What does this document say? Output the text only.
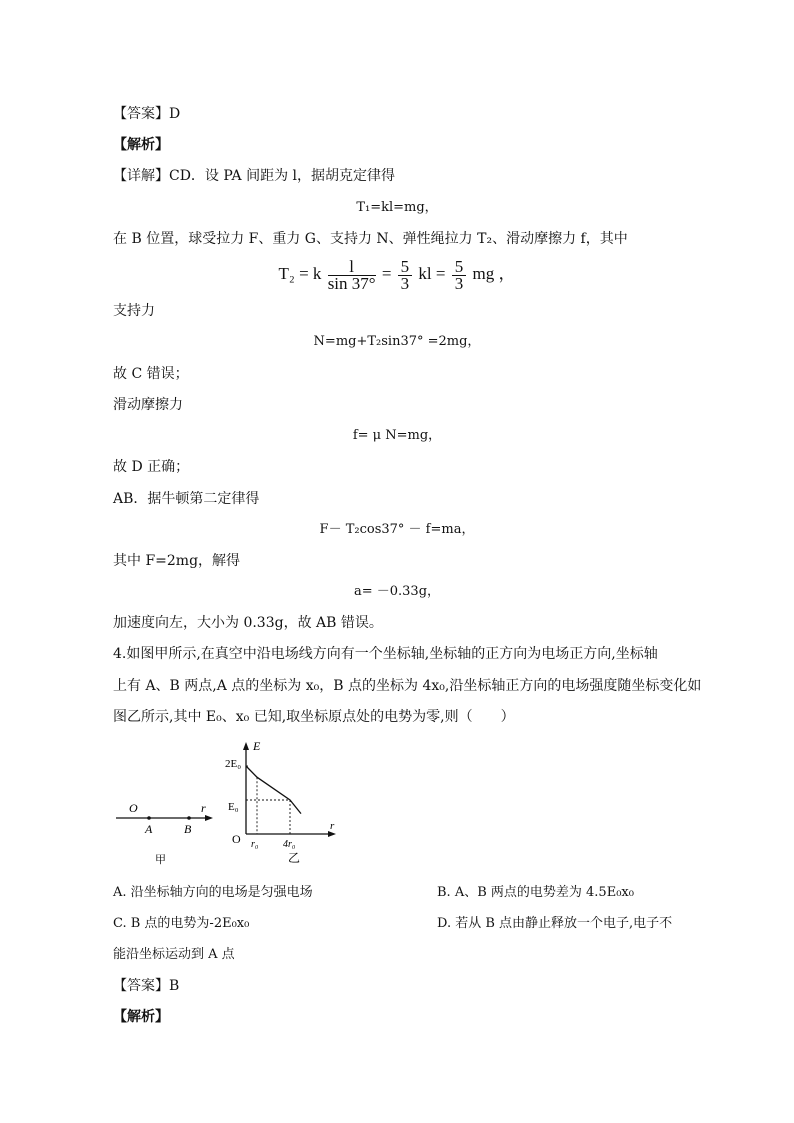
【答案】D
【解析】
【详解】CD．设 PA 间距为 l，据胡克定律得
T₁=kl=mg，
在 B 位置，球受拉力 F、重力 G、支持力 N、弹性绳拉力 T₂、滑动摩擦力 f，其中
T₂ = k $\frac{l}{\sin 37^\circ} = \frac{5}{3}$ kl = $\frac{5}{3}$ mg ，
支持力
N=mg+T₂sin37° =2mg，
故 C 错误；
滑动摩擦力
f= μ N=mg，
故 D 正确；
AB．据牛顿第二定律得
F－ T₂cos37° － f=ma，
其中 F=2mg，解得
a= －0.33g，
加速度向左，大小为 0.33g，故 AB 错误。
4.如图甲所示,在真空中沿电场线方向有一个坐标轴,坐标轴的正方向为电场正方向,坐标轴
上有 A、B 两点,A 点的坐标为 x₀，B 点的坐标为 4x₀,沿坐标轴正方向的电场强度随坐标变化如
图乙所示,其中 E₀、x₀ 已知,取坐标原点处的电势为零,则（　　）
O	r
A	B
甲
E
r
O
2E₀
E₀
r₀ 4r₀
乙
A. 沿坐标轴方向的电场是匀强电场	B. A、B 两点的电势差为 4.5E₀x₀
C. B 点的电势为-2E₀x₀	D. 若从 B 点由静止释放一个电子,电子不
能沿坐标运动到 A 点
【答案】B
【解析】
